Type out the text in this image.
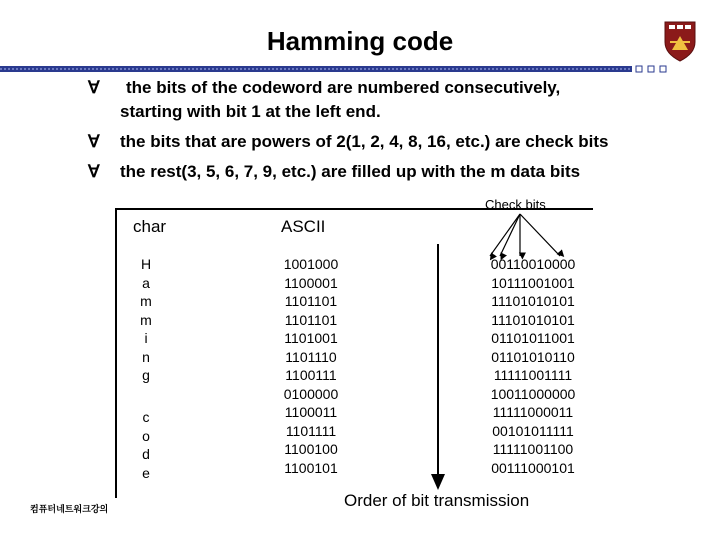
Hamming code
∀ the bits of the codeword are numbered consecutively,
starting with bit 1 at the left end.
∀ the bits that are powers of 2(1, 2, 4, 8, 16, etc.) are check bits
∀ the rest(3, 5, 6, 7, 9, etc.) are filled up with the m data bits
Check bits
char	ASCII
H
a
m
m
i
n
g
c
o
d
e
1001000
1100001
1101101
1101101
1101001
1101110
1100111
0100000
1100011
1101111
1100100
1100101
00110010000
10111001001
11101010101
11101010101
01101011001
01101010110
11111001111
10011000000
11111000011
00101011111
11111001100
00111000101
Order of bit transmission
컴퓨터네트워크강의
